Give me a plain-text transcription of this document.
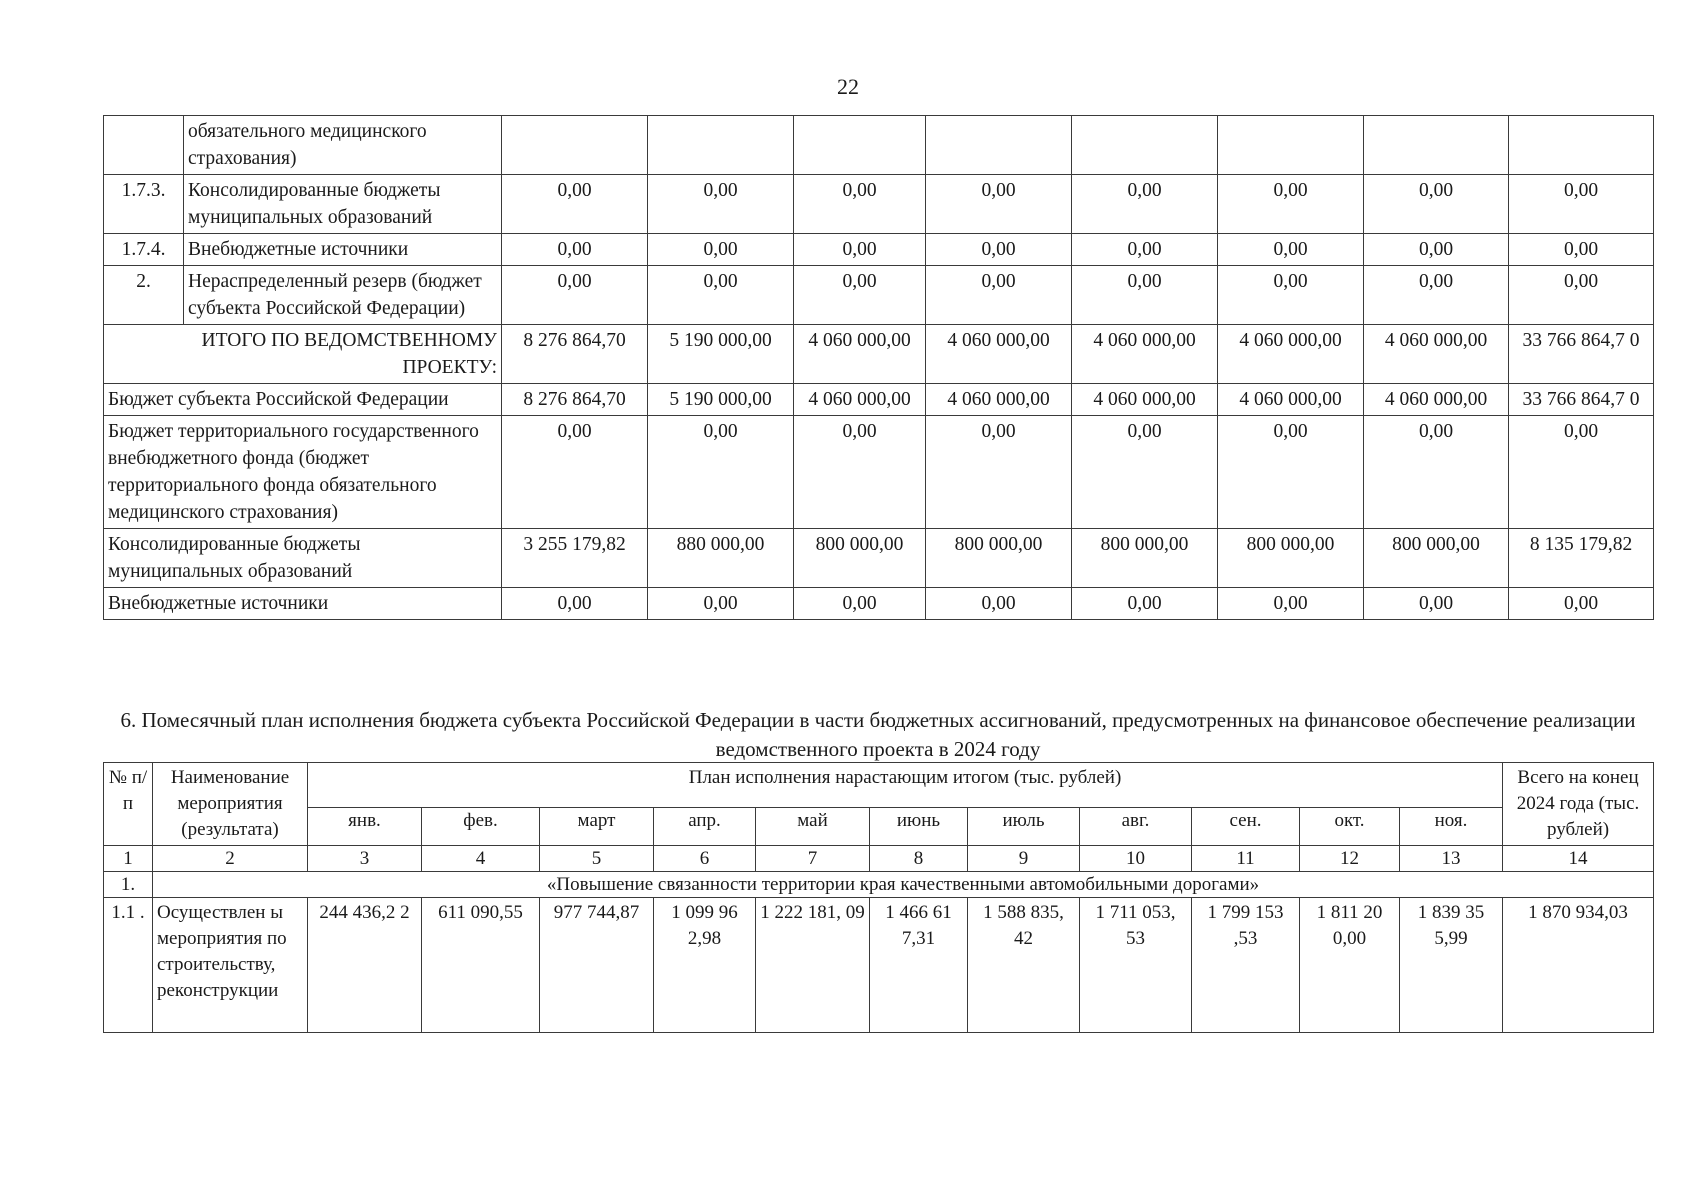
22
	обязательного медицинского страхования)								
1.7.3.	Консолидированные бюджеты муниципальных образований	0,00	0,00	0,00	0,00	0,00	0,00	0,00	0,00
1.7.4.	Внебюджетные источники	0,00	0,00	0,00	0,00	0,00	0,00	0,00	0,00
2.	Нераспределенный резерв (бюджет субъекта Российской Федерации)	0,00	0,00	0,00	0,00	0,00	0,00	0,00	0,00
ИТОГО ПО ВЕДОМСТВЕННОМУ ПРОЕКТУ:		8 276 864,70	5 190 000,00	4 060 000,00	4 060 000,00	4 060 000,00	4 060 000,00	4 060 000,00	33 766 864,7 0
Бюджет субъекта Российской Федерации		8 276 864,70	5 190 000,00	4 060 000,00	4 060 000,00	4 060 000,00	4 060 000,00	4 060 000,00	33 766 864,7 0
Бюджет территориального государственного внебюджетного фонда (бюджет территориального фонда обязательного медицинского страхования)		0,00	0,00	0,00	0,00	0,00	0,00	0,00	0,00
Консолидированные бюджеты муниципальных образований		3 255 179,82	880 000,00	800 000,00	800 000,00	800 000,00	800 000,00	800 000,00	8 135 179,82
Внебюджетные источники		0,00	0,00	0,00	0,00	0,00	0,00	0,00	0,00
6. Помесячный план исполнения бюджета субъекта Российской Федерации в части бюджетных ассигнований, предусмотренных на финансовое обеспечение реализации ведомственного проекта в 2024 году
№ п/п	Наименование мероприятия (результата)	План исполнения нарастающим итогом (тыс. рублей)											Всего на конец 2024 года (тыс. рублей)
		янв.	фев.	март	апр.	май	июнь	июль	авг.	сен.	окт.	ноя.	
1	2	3	4	5	6	7	8	9	10	11	12	13	14
1.	«Повышение связанности территории края качественными автомобильными дорогами»												
1.1 .	Осуществлен ы мероприятия по строительству, реконструкции	244 436,2 2	611 090,55	977 744,87	1 099 96 2,98	1 222 181, 09	1 466 61 7,31	1 588 835, 42	1 711 053, 53	1 799 153 ,53	1 811 20 0,00	1 839 35 5,99	1 870 934,03
